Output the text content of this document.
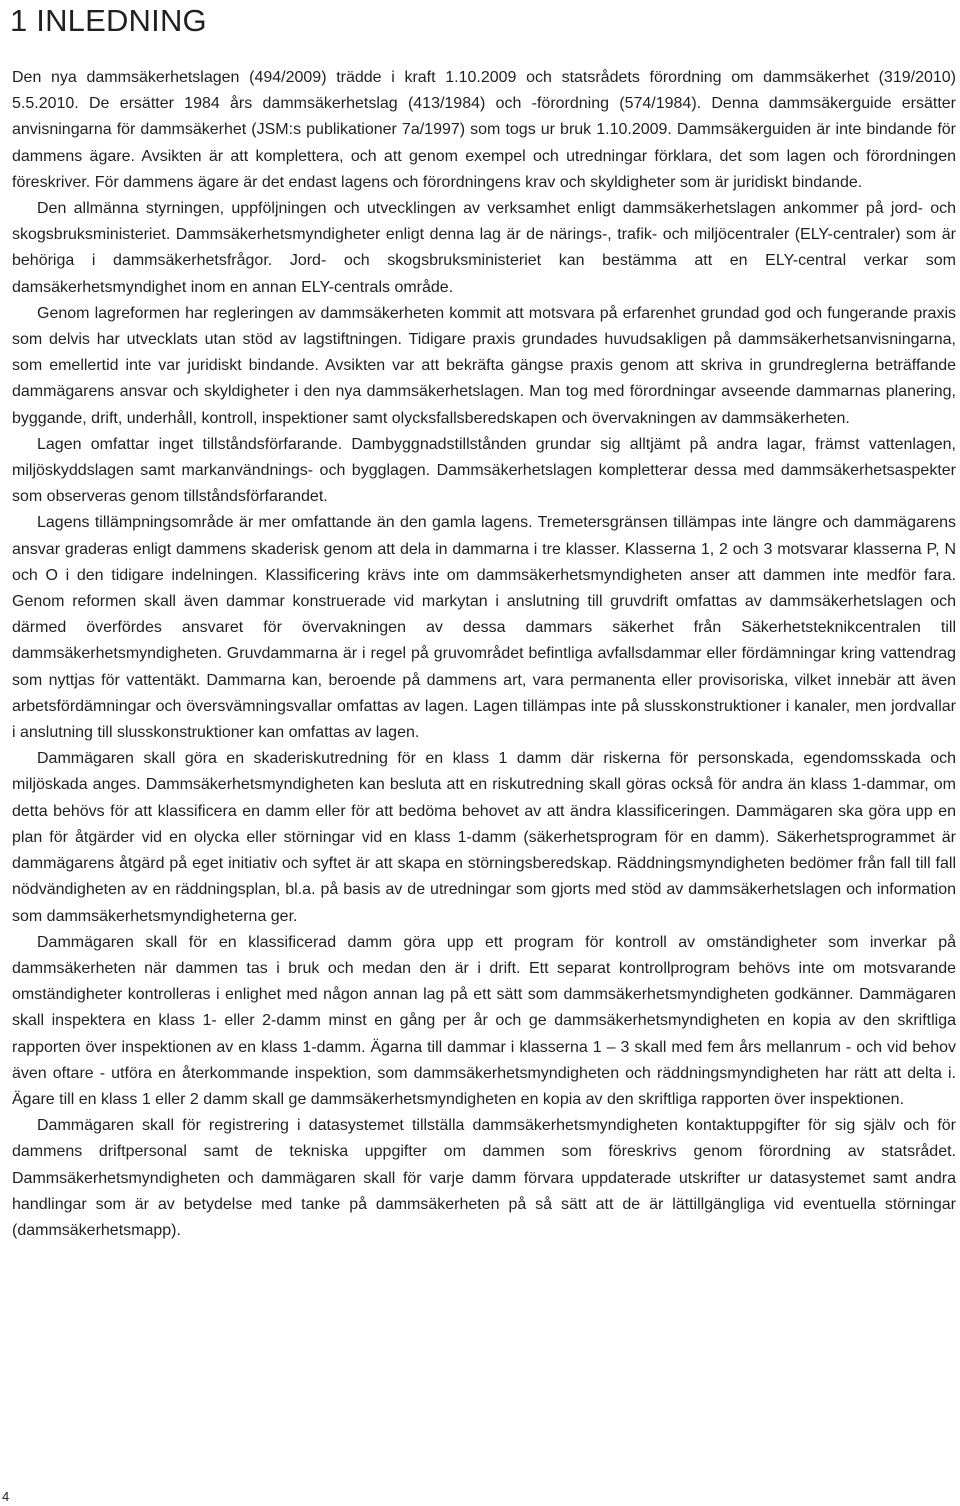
1 INLEDNING

Den nya dammsäkerhetslagen (494/2009) trädde i kraft 1.10.2009 och statsrådets förordning om dammsäkerhet (319/2010) 5.5.2010. De ersätter 1984 års dammsäkerhetslag (413/1984) och -förordning (574/1984). Denna dammsäkerguide ersätter anvisningarna för dammsäkerhet (JSM:s publikationer 7a/1997) som togs ur bruk 1.10.2009. Dammsäkerguiden är inte bindande för dammens ägare. Avsikten är att komplettera, och att genom exempel och utredningar förklara, det som lagen och förordningen föreskriver. För dammens ägare är det endast lagens och förordningens krav och skyldigheter som är juridiskt bindande.

Den allmänna styrningen, uppföljningen och utvecklingen av verksamhet enligt dammsäkerhetslagen ankommer på jord- och skogsbruksministeriet. Dammsäkerhetsmyndigheter enligt denna lag är de närings-, trafik- och miljöcentraler (ELY-centraler) som är behöriga i dammsäkerhetsfrågor. Jord- och skogsbruksministeriet kan bestämma att en ELY-central verkar som damsäkerhetsmyndighet inom en annan ELY-centrals område.

Genom lagreformen har regleringen av dammsäkerheten kommit att motsvara på erfarenhet grundad god och fungerande praxis som delvis har utvecklats utan stöd av lagstiftningen. Tidigare praxis grundades huvudsakligen på dammsäkerhetsanvisningarna, som emellertid inte var juridiskt bindande. Avsikten var att bekräfta gängse praxis genom att skriva in grundreglerna beträffande dammägarens ansvar och skyldigheter i den nya dammsäkerhetslagen. Man tog med förordningar avseende dammarnas planering, byggande, drift, underhåll, kontroll, inspektioner samt olycksfallsberedskapen och övervakningen av dammsäkerheten.

Lagen omfattar inget tillståndsförfarande. Dambyggnadstillstånden grundar sig alltjämt på andra lagar, främst vattenlagen, miljöskyddslagen samt markanvändnings- och bygglagen. Dammsäkerhetslagen kompletterar dessa med dammsäkerhetsaspekter som observeras genom tillståndsförfarandet.

Lagens tillämpningsområde är mer omfattande än den gamla lagens. Tremetersgränsen tillämpas inte längre och dammägarens ansvar graderas enligt dammens skaderisk genom att dela in dammarna i tre klasser. Klasserna 1, 2 och 3 motsvarar klasserna P, N och O i den tidigare indelningen. Klassificering krävs inte om dammsäkerhetsmyndigheten anser att dammen inte medför fara. Genom reformen skall även dammar konstruerade vid markytan i anslutning till gruvdrift omfattas av dammsäkerhetslagen och därmed överfördes ansvaret för övervakningen av dessa dammars säkerhet från Säkerhetsteknikcentralen till dammsäkerhetsmyndigheten. Gruvdammarna är i regel på gruvområdet befintliga avfallsdammar eller fördämningar kring vattendrag som nyttjas för vattentäkt. Dammarna kan, beroende på dammens art, vara permanenta eller provisoriska, vilket innebär att även arbetsfördämningar och översvämningsvallar omfattas av lagen. Lagen tillämpas inte på slusskonstruktioner i kanaler, men jordvallar i anslutning till slusskonstruktioner kan omfattas av lagen.

Dammägaren skall göra en skaderiskutredning för en klass 1 damm där riskerna för personskada, egendomsskada och miljöskada anges. Dammsäkerhetsmyndigheten kan besluta att en riskutredning skall göras också för andra än klass 1-dammar, om detta behövs för att klassificera en damm eller för att bedöma behovet av att ändra klassificeringen. Dammägaren ska göra upp en plan för åtgärder vid en olycka eller störningar vid en klass 1-damm (säkerhetsprogram för en damm). Säkerhetsprogrammet är dammägarens åtgärd på eget initiativ och syftet är att skapa en störningsberedskap. Räddningsmyndigheten bedömer från fall till fall nödvändigheten av en räddningsplan, bl.a. på basis av de utredningar som gjorts med stöd av dammsäkerhetslagen och information som dammsäkerhetsmyndigheterna ger.

Dammägaren skall för en klassificerad damm göra upp ett program för kontroll av omständigheter som inverkar på dammsäkerheten när dammen tas i bruk och medan den är i drift. Ett separat kontrollprogram behövs inte om motsvarande omständigheter kontrolleras i enlighet med någon annan lag på ett sätt som dammsäkerhetsmyndigheten godkänner. Dammägaren skall inspektera en klass 1- eller 2-damm minst en gång per år och ge dammsäkerhetsmyndigheten en kopia av den skriftliga rapporten över inspektionen av en klass 1-damm. Ägarna till dammar i klasserna 1 – 3 skall med fem års mellanrum - och vid behov även oftare - utföra en återkommande inspektion, som dammsäkerhetsmyndigheten och räddningsmyndigheten har rätt att delta i. Ägare till en klass 1 eller 2 damm skall ge dammsäkerhetsmyndigheten en kopia av den skriftliga rapporten över inspektionen.

Dammägaren skall för registrering i datasystemet tillställa dammsäkerhetsmyndigheten kontaktuppgifter för sig själv och för dammens driftpersonal samt de tekniska uppgifter om dammen som föreskrivs genom förordning av statsrådet. Dammsäkerhetsmyndigheten och dammägaren skall för varje damm förvara uppdaterade utskrifter ur datasystemet samt andra handlingar som är av betydelse med tanke på dammsäkerheten på så sätt att de är lättillgängliga vid eventuella störningar (dammsäkerhetsmapp).

4
